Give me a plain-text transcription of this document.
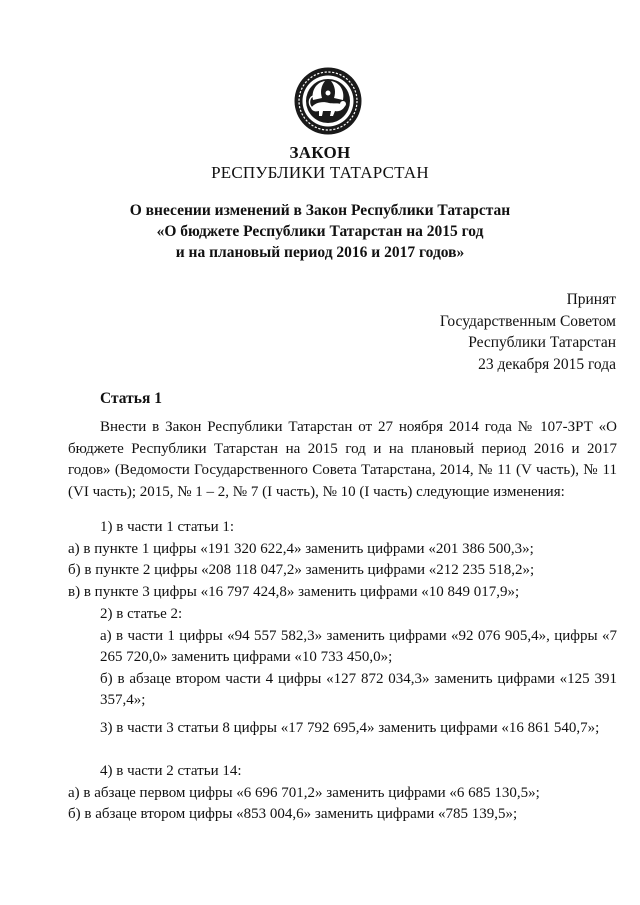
ЗАКОН
РЕСПУБЛИКИ ТАТАРСТАН
О внесении изменений в Закон Республики Татарстан
«О бюджете Республики Татарстан на 2015 год
и на плановый период 2016 и 2017 годов»
Принят
Государственным Советом
Республики Татарстан
23 декабря 2015 года
Статья 1

Внести в Закон Республики Татарстан от 27 ноября 2014 года № 107-ЗРТ «О бюджете Республики Татарстан на 2015 год и на плановый период 2016 и 2017 годов» (Ведомости Государственного Совета Татарстана, 2014, № 11 (V часть), № 11 (VI часть); 2015, № 1 – 2, № 7 (I часть), № 10 (I часть) следующие изменения:

1) в части 1 статьи 1:
а) в пункте 1 цифры «191 320 622,4» заменить цифрами «201 386 500,3»;
б) в пункте 2 цифры «208 118 047,2» заменить цифрами «212 235 518,2»;
в) в пункте 3 цифры «16 797 424,8» заменить цифрами «10 849 017,9»;
2) в статье 2:
а) в части 1 цифры «94 557 582,3» заменить цифрами «92 076 905,4», цифры «7 265 720,0» заменить цифрами «10 733 450,0»;
б) в абзаце втором части 4 цифры «127 872 034,3» заменить цифрами «125 391 357,4»;
3) в части 3 статьи 8 цифры «17 792 695,4» заменить цифрами «16 861 540,7»;
4) в части 2 статьи 14:
а) в абзаце первом цифры «6 696 701,2» заменить цифрами «6 685 130,5»;
б) в абзаце втором цифры «853 004,6» заменить цифрами «785 139,5»;
